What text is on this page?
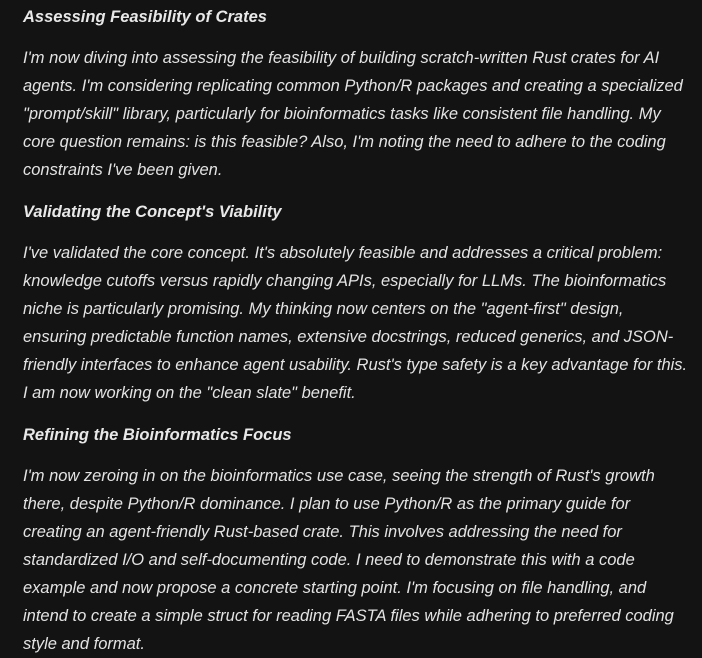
Assessing Feasibility of Crates

I'm now diving into assessing the feasibility of building scratch-written Rust crates for AI agents. I'm considering replicating common Python/R packages and creating a specialized "prompt/skill" library, particularly for bioinformatics tasks like consistent file handling. My core question remains: is this feasible? Also, I'm noting the need to adhere to the coding constraints I've been given.

Validating the Concept's Viability

I've validated the core concept. It's absolutely feasible and addresses a critical problem: knowledge cutoffs versus rapidly changing APIs, especially for LLMs. The bioinformatics niche is particularly promising. My thinking now centers on the "agent-first" design, ensuring predictable function names, extensive docstrings, reduced generics, and JSON-friendly interfaces to enhance agent usability. Rust's type safety is a key advantage for this. I am now working on the "clean slate" benefit.

Refining the Bioinformatics Focus

I'm now zeroing in on the bioinformatics use case, seeing the strength of Rust's growth there, despite Python/R dominance. I plan to use Python/R as the primary guide for creating an agent-friendly Rust-based crate. This involves addressing the need for standardized I/O and self-documenting code. I need to demonstrate this with a code example and now propose a concrete starting point. I'm focusing on file handling, and intend to create a simple struct for reading FASTA files while adhering to preferred coding style and format.
